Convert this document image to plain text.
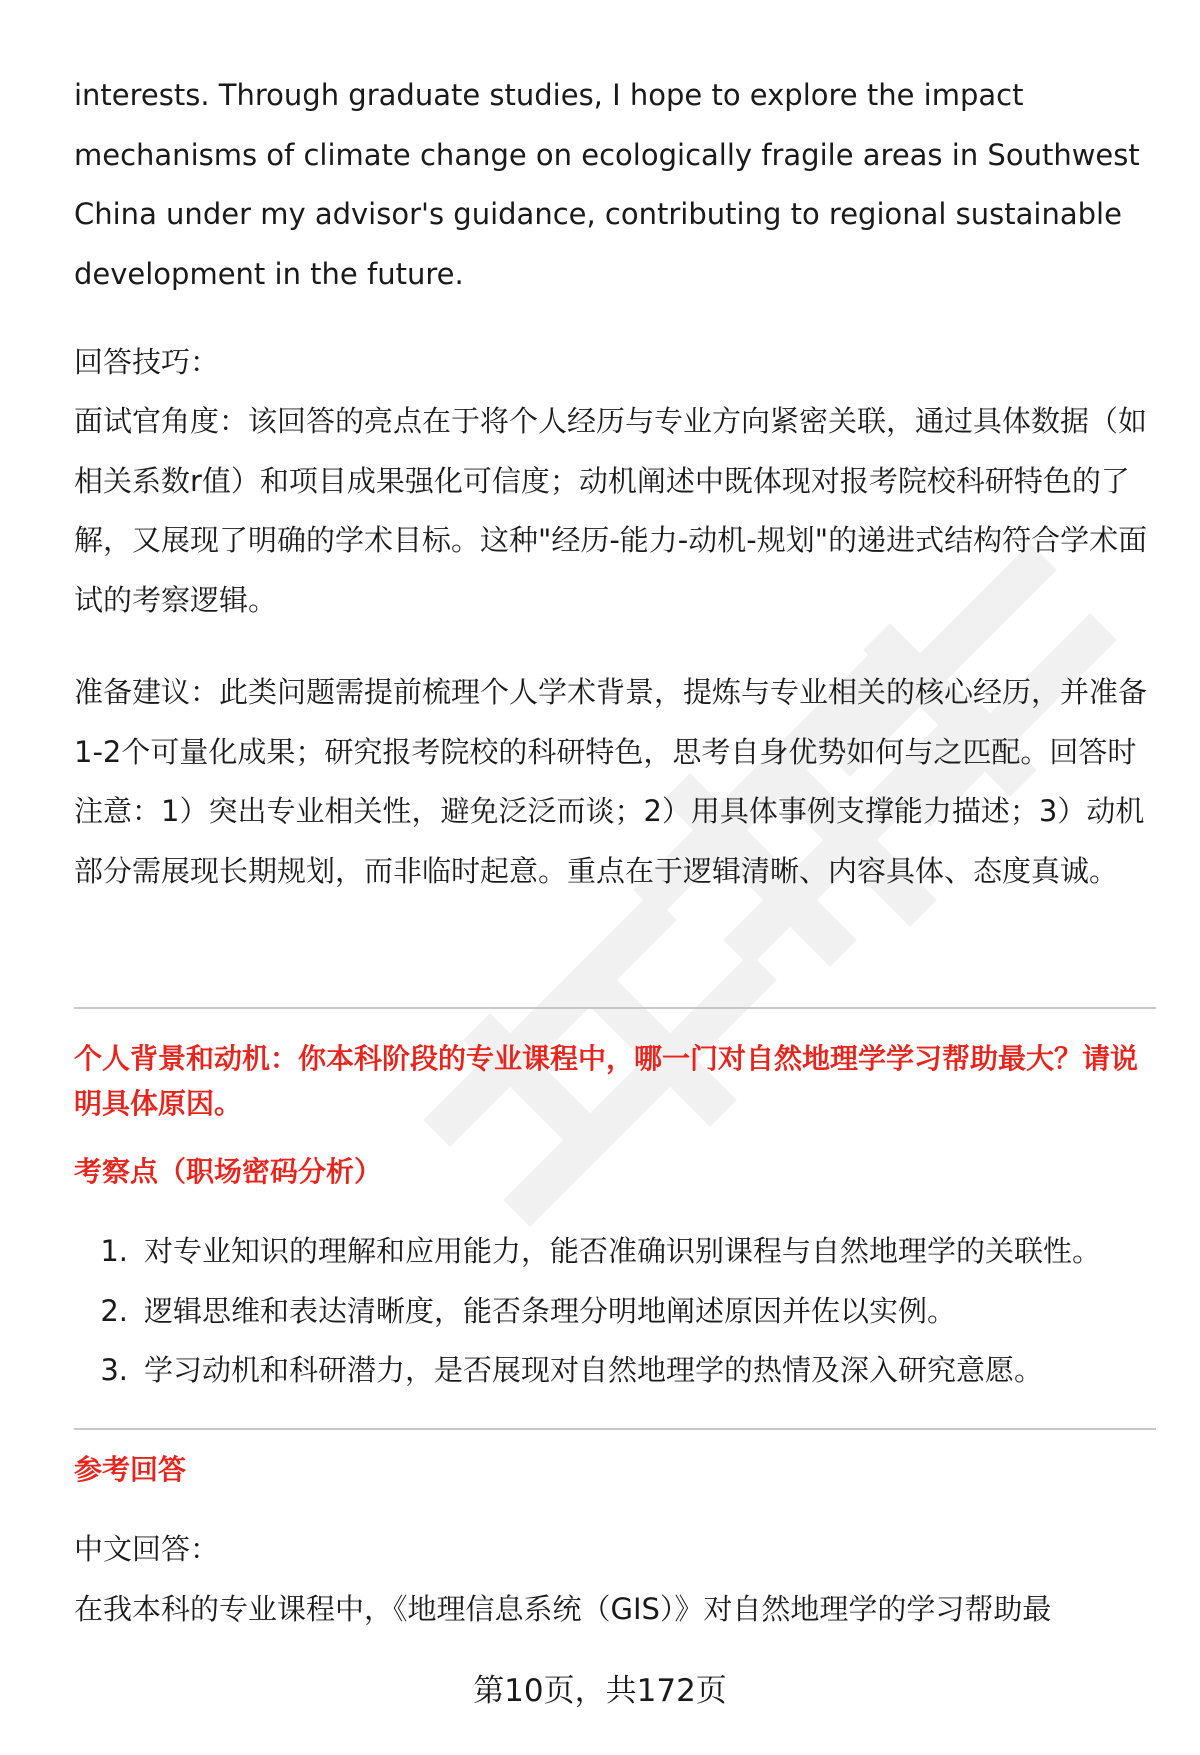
interests. Through graduate studies, I hope to explore the impact mechanisms of climate change on ecologically fragile areas in Southwest China under my advisor's guidance, contributing to regional sustainable development in the future.

回答技巧：

面试官角度：该回答的亮点在于将个人经历与专业方向紧密关联，通过具体数据（如相关系数r值）和项目成果强化可信度；动机阐述中既体现对报考院校科研特色的了解，又展现了明确的学术目标。这种"经历-能力-动机-规划"的递进式结构符合学术面试的考察逻辑。

准备建议：此类问题需提前梳理个人学术背景，提炼与专业相关的核心经历，并准备1-2个可量化成果；研究报考院校的科研特色，思考自身优势如何与之匹配。回答时注意：1）突出专业相关性，避免泛泛而谈；2）用具体事例支撑能力描述；3）动机部分需展现长期规划，而非临时起意。重点在于逻辑清晰、内容具体、态度真诚。

个人背景和动机：你本科阶段的专业课程中，哪一门对自然地理学学习帮助最大？请说明具体原因。

考察点（职场密码分析）

1. 对专业知识的理解和应用能力，能否准确识别课程与自然地理学的关联性。
2. 逻辑思维和表达清晰度，能否条理分明地阐述原因并佐以实例。
3. 学习动机和科研潜力，是否展现对自然地理学的热情及深入研究意愿。

参考回答

中文回答：

在我本科的专业课程中，《地理信息系统（GIS）》对自然地理学的学习帮助最

第10页，共172页
